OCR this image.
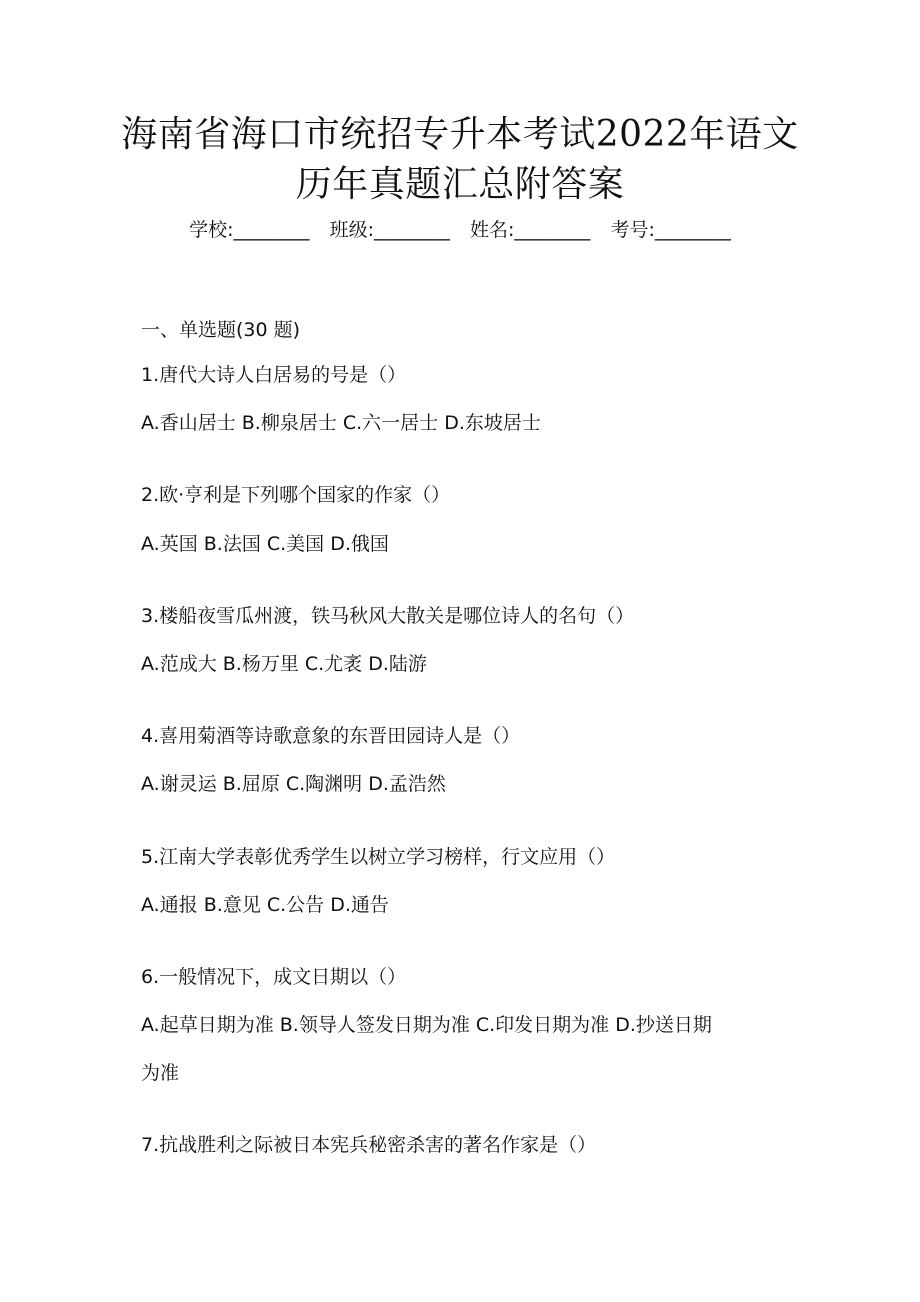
海南省海口市统招专升本考试2022年语文
历年真题汇总附答案
学校:________ 班级:________ 姓名:________ 考号:________
一、单选题(30 题)
1.唐代大诗人白居易的号是（）
A.香山居士 B.柳泉居士 C.六一居士 D.东坡居士
2.欧·亨利是下列哪个国家的作家（）
A.英国 B.法国 C.美国 D.俄国
3.楼船夜雪瓜州渡，铁马秋风大散关是哪位诗人的名句（）
A.范成大 B.杨万里 C.尤袤 D.陆游
4.喜用菊酒等诗歌意象的东晋田园诗人是（）
A.谢灵运 B.屈原 C.陶渊明 D.孟浩然
5.江南大学表彰优秀学生以树立学习榜样，行文应用（）
A.通报 B.意见 C.公告 D.通告
6.一般情况下，成文日期以（）
A.起草日期为准 B.领导人签发日期为准 C.印发日期为准 D.抄送日期
为准
7.抗战胜利之际被日本宪兵秘密杀害的著名作家是（）
